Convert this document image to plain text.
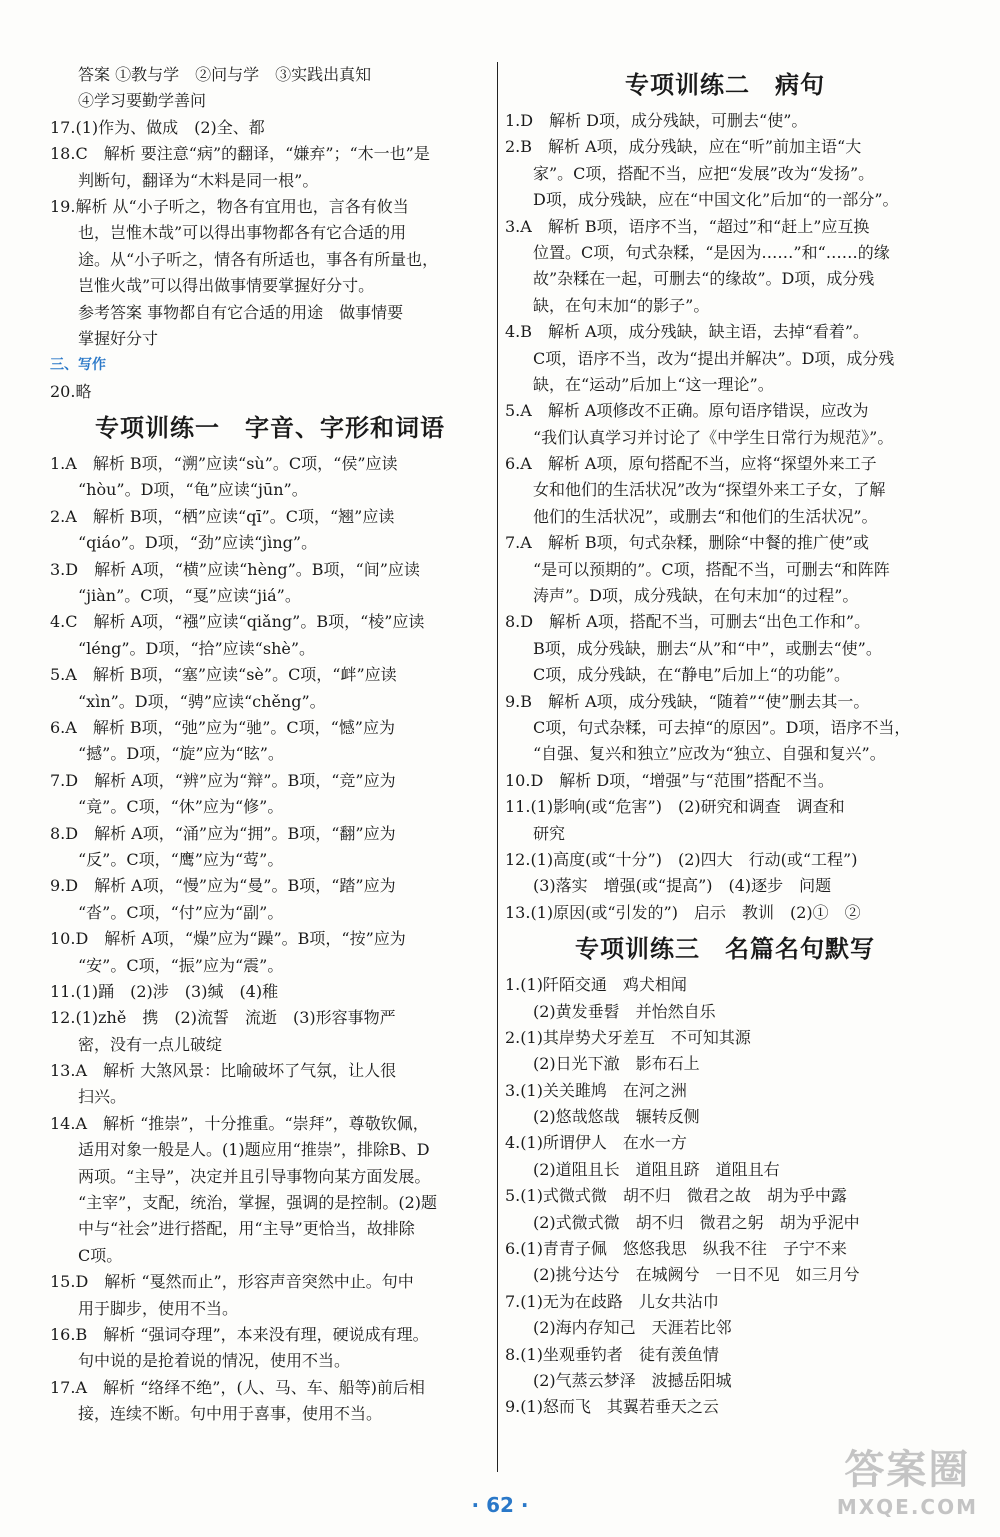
答案 ①教与学　②问与学　③实践出真知
④学习要勤学善问
17.(1)作为、做成　(2)全、都
18.C　解析 要注意“病”的翻译，“嫌弃”；“木一也”是
判断句，翻译为“木料是同一根”。
19.解析 从“小子听之，物各有宜用也，言各有攸当
也，岂惟木哉”可以得出事物都各有它合适的用
途。从“小子听之，情各有所适也，事各有所量也，
岂惟火哉”可以得出做事情要掌握好分寸。
参考答案 事物都自有它合适的用途　做事情要
掌握好分寸
三、写作
20.略
专项训练一　字音、字形和词语
1.A　解析 B项，“溯”应读“sù”。C项，“侯”应读
“hòu”。D项，“龟”应读“jūn”。
2.A　解析 B项，“栖”应读“qī”。C项，“翘”应读
“qiáo”。D项，“劲”应读“jìng”。
3.D　解析 A项，“横”应读“hèng”。B项，“间”应读
“jiàn”。C项，“戛”应读“jiá”。
4.C　解析 A项，“襁”应读“qiǎng”。B项，“棱”应读
“léng”。D项，“拾”应读“shè”。
5.A　解析 B项，“塞”应读“sè”。C项，“衅”应读
“xìn”。D项，“骋”应读“chěng”。
6.A　解析 B项，“弛”应为“驰”。C项，“憾”应为
“撼”。D项，“旋”应为“眩”。
7.D　解析 A项，“辨”应为“辩”。B项，“竞”应为
“竟”。C项，“休”应为“修”。
8.D　解析 A项，“涌”应为“拥”。B项，“翻”应为
“反”。C项，“鹰”应为“莺”。
9.D　解析 A项，“慢”应为“曼”。B项，“踏”应为
“沓”。C项，“付”应为“副”。
10.D　解析 A项，“燥”应为“躁”。B项，“按”应为
“安”。C项，“振”应为“震”。
11.(1)踊　(2)涉　(3)缄　(4)稚
12.(1)zhě　携　(2)流誓　流逝　(3)形容事物严
密，没有一点儿破绽
13.A　解析 大煞风景：比喻破坏了气氛，让人很
扫兴。
14.A　解析 “推崇”，十分推重。“崇拜”，尊敬钦佩，
适用对象一般是人。(1)题应用“推崇”，排除B、D
两项。“主导”，决定并且引导事物向某方面发展。
“主宰”，支配，统治，掌握，强调的是控制。(2)题
中与“社会”进行搭配，用“主导”更恰当，故排除
C项。
15.D　解析 “戛然而止”，形容声音突然中止。句中
用于脚步，使用不当。
16.B　解析 “强词夺理”，本来没有理，硬说成有理。
句中说的是抢着说的情况，使用不当。
17.A　解析 “络绎不绝”，(人、马、车、船等)前后相
接，连续不断。句中用于喜事，使用不当。
专项训练二　病句
1.D　解析 D项，成分残缺，可删去“使”。
2.B　解析 A项，成分残缺，应在“听”前加主语“大
家”。C项，搭配不当，应把“发展”改为“发扬”。
D项，成分残缺，应在“中国文化”后加“的一部分”。
3.A　解析 B项，语序不当，“超过”和“赶上”应互换
位置。C项，句式杂糅，“是因为……”和“……的缘
故”杂糅在一起，可删去“的缘故”。D项，成分残
缺，在句末加“的影子”。
4.B　解析 A项，成分残缺，缺主语，去掉“看着”。
C项，语序不当，改为“提出并解决”。D项，成分残
缺，在“运动”后加上“这一理论”。
5.A　解析 A项修改不正确。原句语序错误，应改为
“我们认真学习并讨论了《中学生日常行为规范》”。
6.A　解析 A项，原句搭配不当，应将“探望外来工子
女和他们的生活状况”改为“探望外来工子女，了解
他们的生活状况”，或删去“和他们的生活状况”。
7.A　解析 B项，句式杂糅，删除“中餐的推广使”或
“是可以预期的”。C项，搭配不当，可删去“和阵阵
涛声”。D项，成分残缺，在句末加“的过程”。
8.D　解析 A项，搭配不当，可删去“出色工作和”。
B项，成分残缺，删去“从”和“中”，或删去“使”。
C项，成分残缺，在“静电”后加上“的功能”。
9.B　解析 A项，成分残缺，“随着”“使”删去其一。
C项，句式杂糅，可去掉“的原因”。D项，语序不当，
“自强、复兴和独立”应改为“独立、自强和复兴”。
10.D　解析 D项，“增强”与“范围”搭配不当。
11.(1)影响(或“危害”)　(2)研究和调查　调查和
研究
12.(1)高度(或“十分”)　(2)四大　行动(或“工程”)
(3)落实　增强(或“提高”)　(4)逐步　问题
13.(1)原因(或“引发的”)　启示　教训　(2)①　②
专项训练三　名篇名句默写
1.(1)阡陌交通　鸡犬相闻
(2)黄发垂髫　并怡然自乐
2.(1)其岸势犬牙差互　不可知其源
(2)日光下澈　影布石上
3.(1)关关雎鸠　在河之洲
(2)悠哉悠哉　辗转反侧
4.(1)所谓伊人　在水一方
(2)道阻且长　道阻且跻　道阻且右
5.(1)式微式微　胡不归　微君之故　胡为乎中露
(2)式微式微　胡不归　微君之躬　胡为乎泥中
6.(1)青青子佩　悠悠我思　纵我不往　子宁不来
(2)挑兮达兮　在城阙兮　一日不见　如三月兮
7.(1)无为在歧路　儿女共沾巾
(2)海内存知己　天涯若比邻
8.(1)坐观垂钓者　徒有羡鱼情
(2)气蒸云梦泽　波撼岳阳城
9.(1)怒而飞　其翼若垂天之云
· 62 ·
答案圈
MXQE.COM
